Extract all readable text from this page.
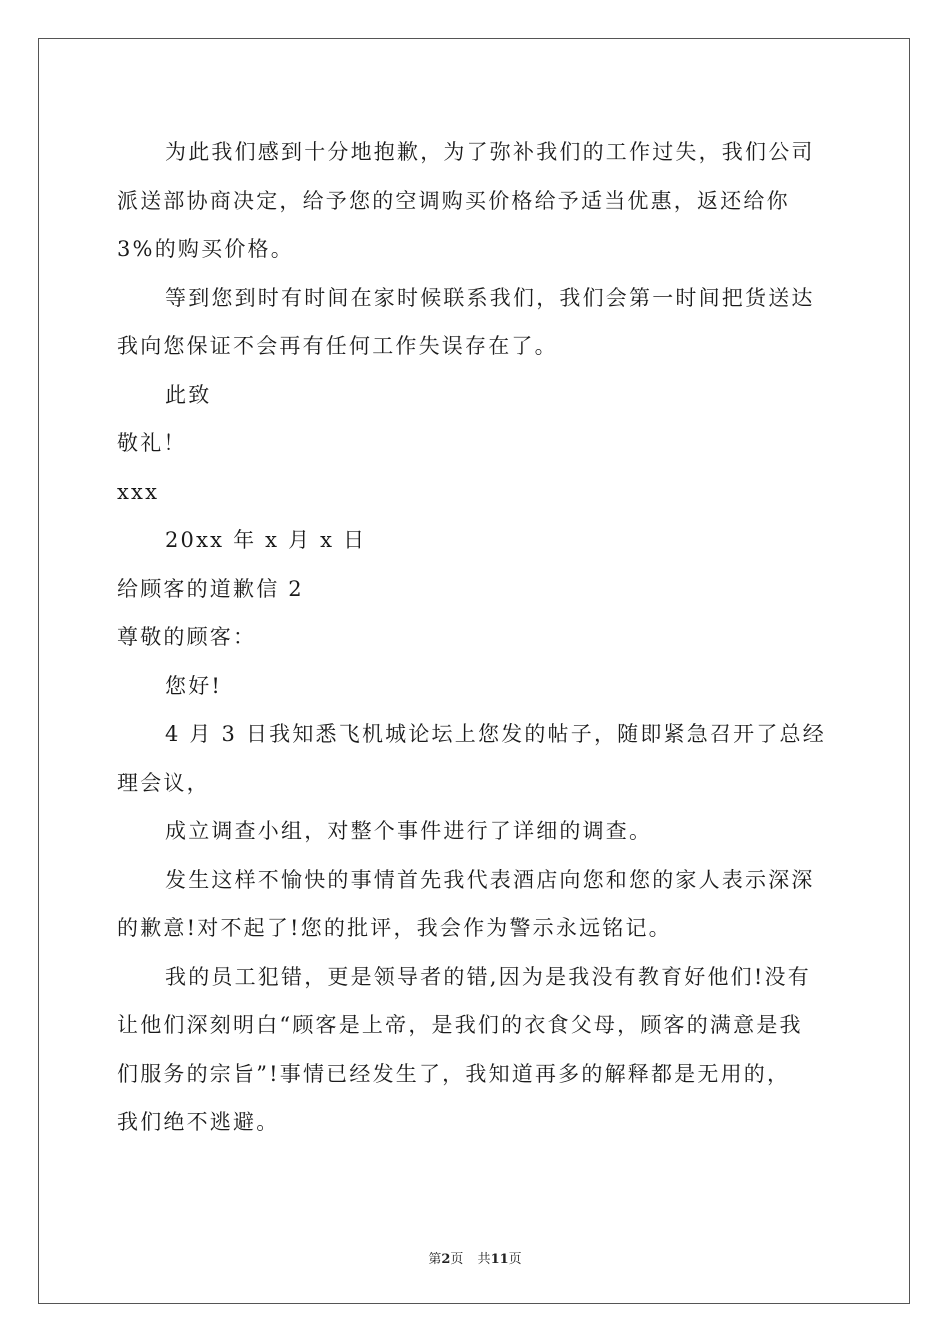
为此我们感到十分地抱歉，为了弥补我们的工作过失，我们公司
派送部协商决定，给予您的空调购买价格给予适当优惠，返还给你
3%的购买价格。
等到您到时有时间在家时候联系我们，我们会第一时间把货送达
我向您保证不会再有任何工作失误存在了。
此致
敬礼！
xxx
20xx 年 x 月 x 日
给顾客的道歉信 2
尊敬的顾客：
您好!
4 月 3 日我知悉飞机城论坛上您发的帖子，随即紧急召开了总经
理会议，
成立调查小组，对整个事件进行了详细的调查。
发生这样不愉快的事情首先我代表酒店向您和您的家人表示深深
的歉意!对不起了!您的批评，我会作为警示永远铭记。
我的员工犯错，更是领导者的错,因为是我没有教育好他们!没有
让他们深刻明白“顾客是上帝，是我们的衣食父母，顾客的满意是我
们服务的宗旨”!事情已经发生了，我知道再多的解释都是无用的，
我们绝不逃避。
第2页 共11页
